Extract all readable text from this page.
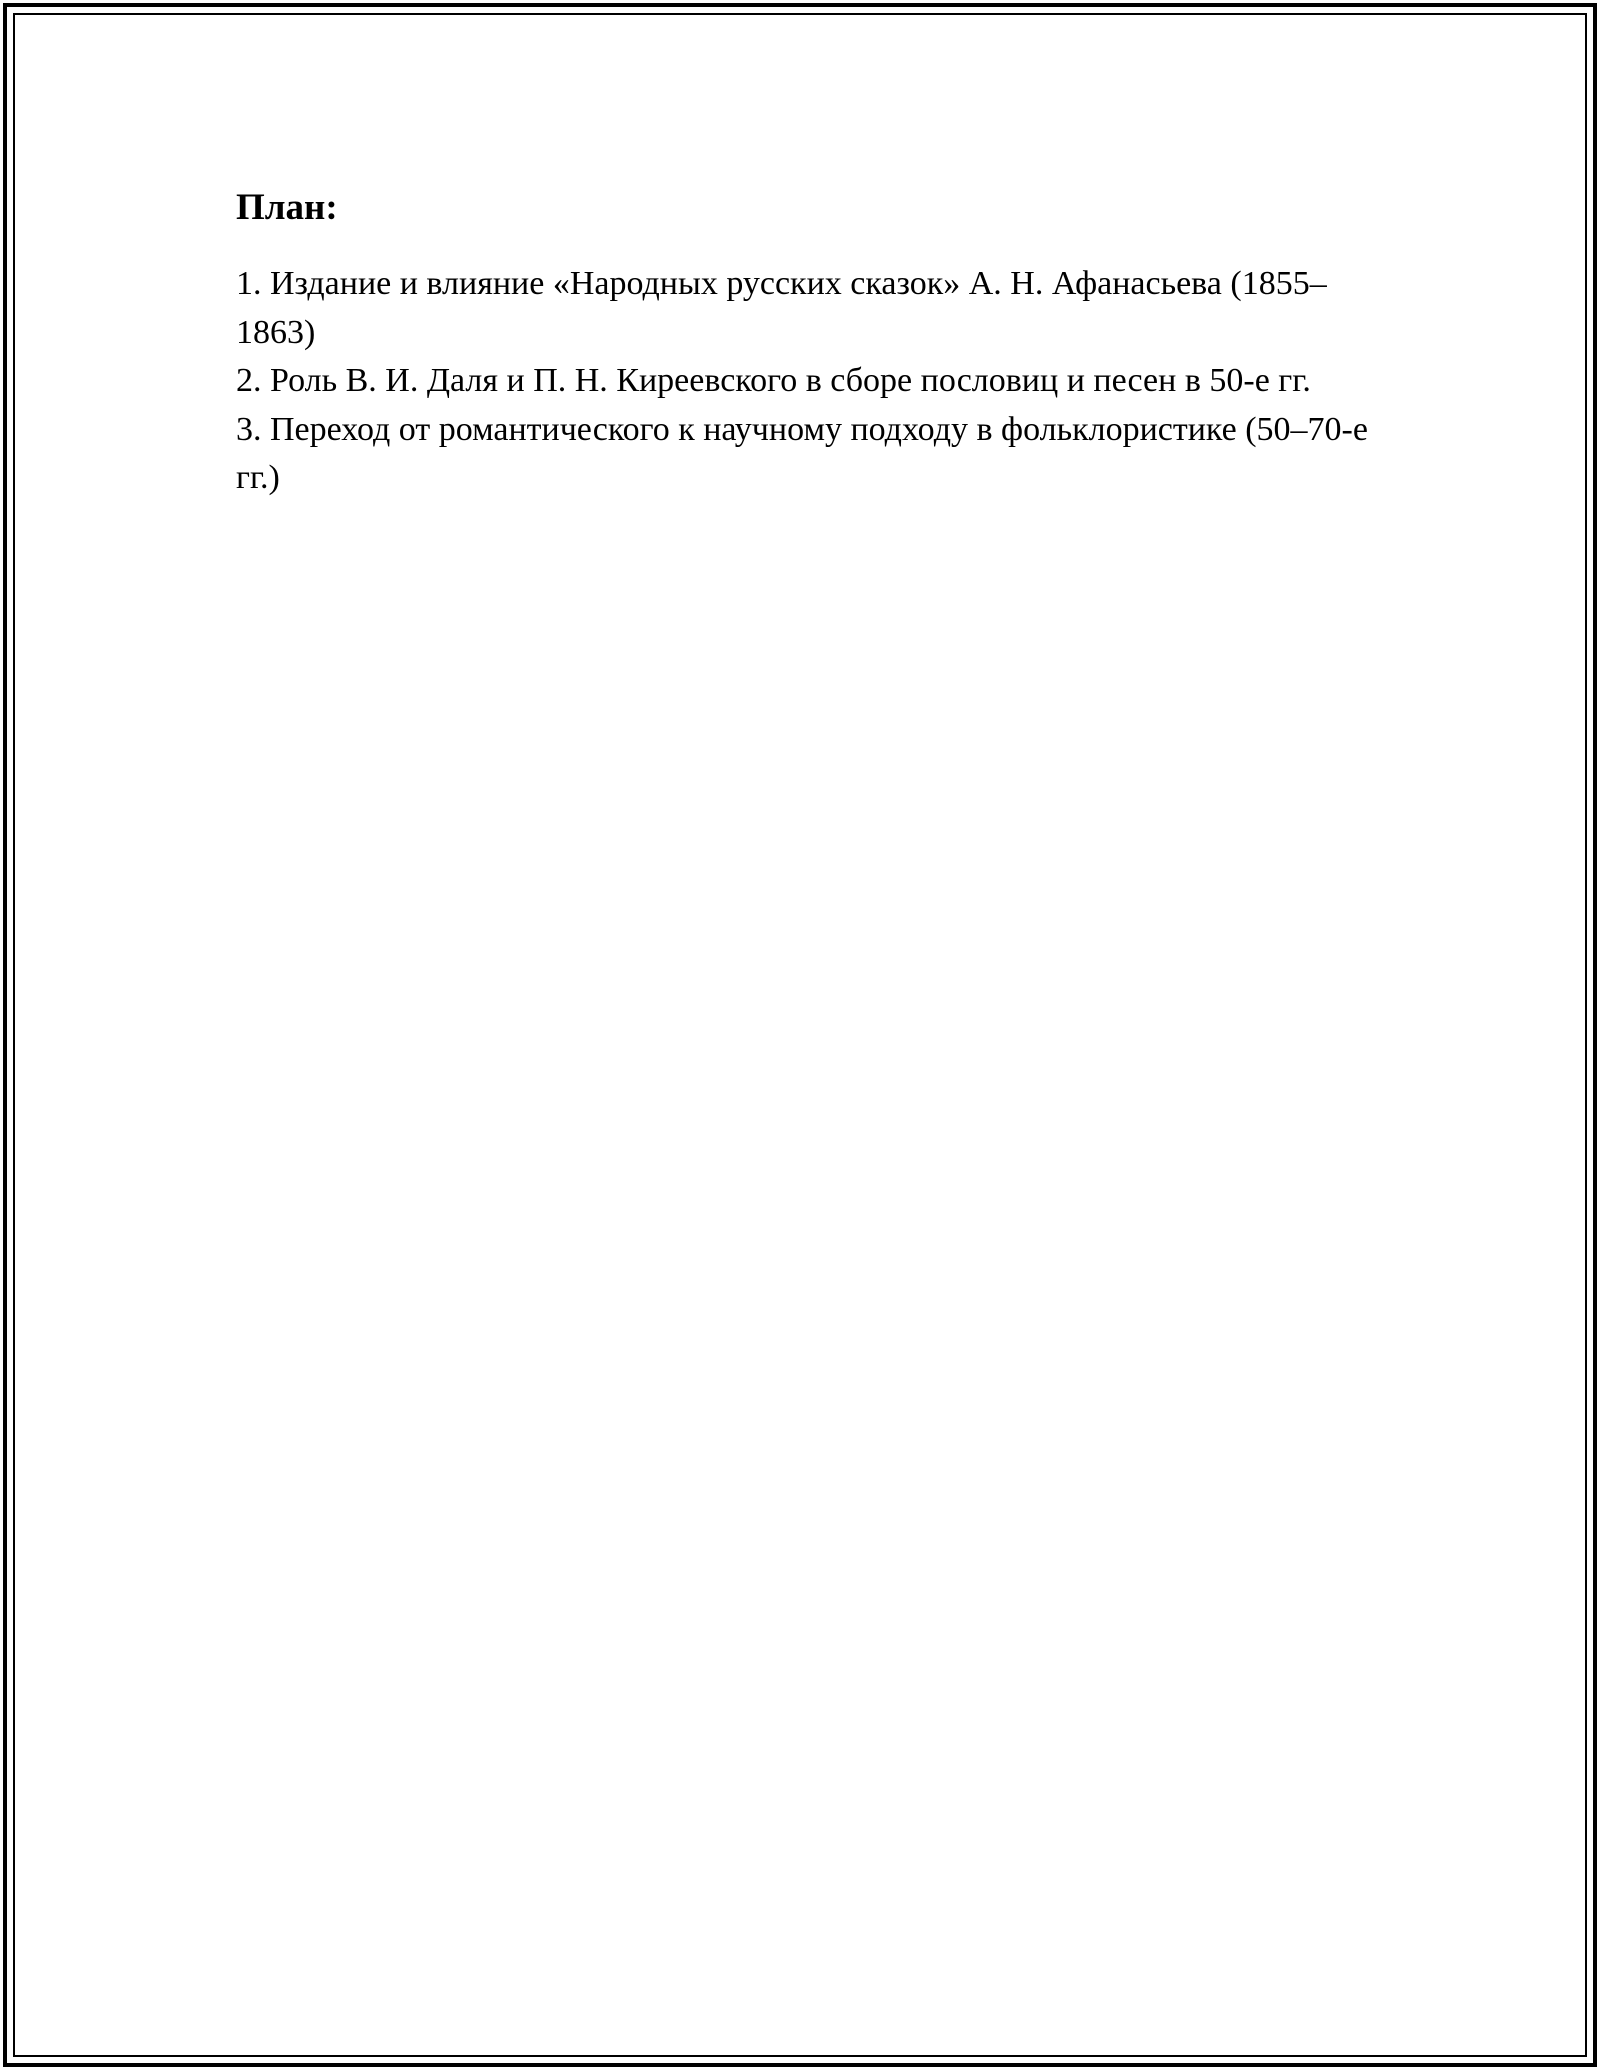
План:
1. Издание и влияние «Народных русских сказок» А. Н. Афанасьева (1855–1863)
2. Роль В. И. Даля и П. Н. Киреевского в сборе пословиц и песен в 50-е гг.
3. Переход от романтического к научному подходу в фольклористике (50–70-е гг.)
